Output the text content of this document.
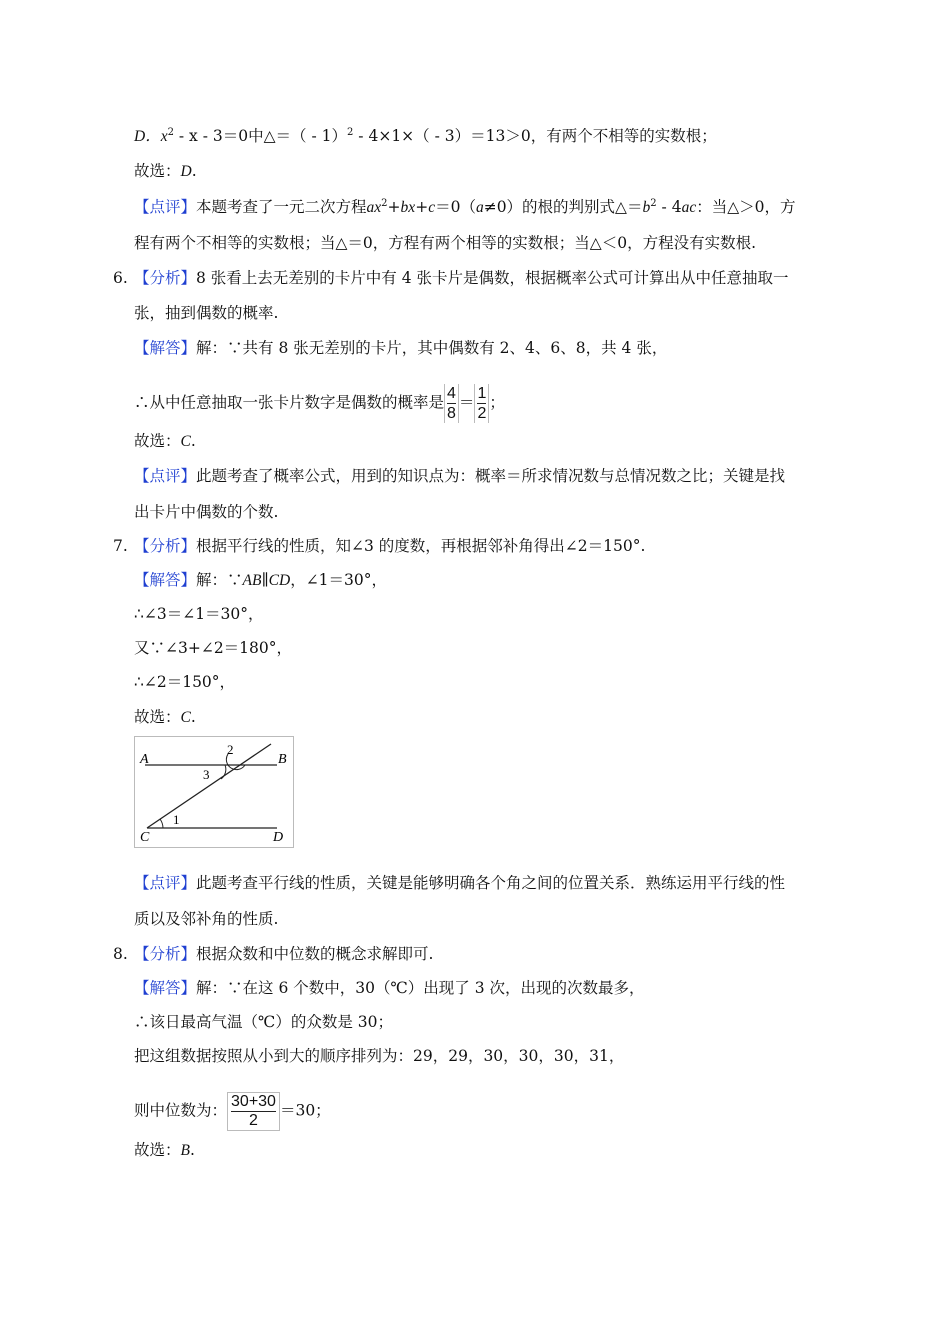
D．$x^2 - x - 3=0$中△＝（ - 1）$^2$ - 4×1×（ - 3）＝13＞0，有两个不相等的实数根；
故选：D.
【点评】本题考查了一元二次方程$ax^2+bx+c=0(a\ne 0)$的根的判别式$\triangle=b^2 - 4ac$：当△＞0，方
程有两个不相等的实数根；当△＝0，方程有两个相等的实数根；当△＜0，方程没有实数根.
6. 【分析】8 张看上去无差别的卡片中有 4 张卡片是偶数，根据概率公式可计算出从中任意抽取一
张，抽到偶数的概率.
【解答】解：∵共有 8 张无差别的卡片，其中偶数有 2、4、6、8，共 4 张，
∴从中任意抽取一张卡片数字是偶数的概率是 $\frac{4}{8} = \frac{1}{2}$ ；
故选：C.
【点评】此题考查了概率公式，用到的知识点为：概率＝所求情况数与总情况数之比；关键是找
出卡片中偶数的个数.
7. 【分析】根据平行线的性质，知∠3 的度数，再根据邻补角得出∠2＝150°.
【解答】解：∵AB∥CD，∠1＝30°，
∴∠3＝∠1＝30°，
又∵∠3+∠2＝180°，
∴∠2＝150°，
故选：C.
A	B
C	D
1
2
3
【点评】此题考查平行线的性质，关键是能够明确各个角之间的位置关系．熟练运用平行线的性
质以及邻补角的性质.
8. 【分析】根据众数和中位数的概念求解即可.
【解答】解：∵在这 6 个数中，30（℃）出现了 3 次，出现的次数最多，
∴该日最高气温（℃）的众数是 30；
把这组数据按照从小到大的顺序排列为：29，29，30，30，30，31，
则中位数为： $\frac{30+30}{2} =30$；
故选：B.
